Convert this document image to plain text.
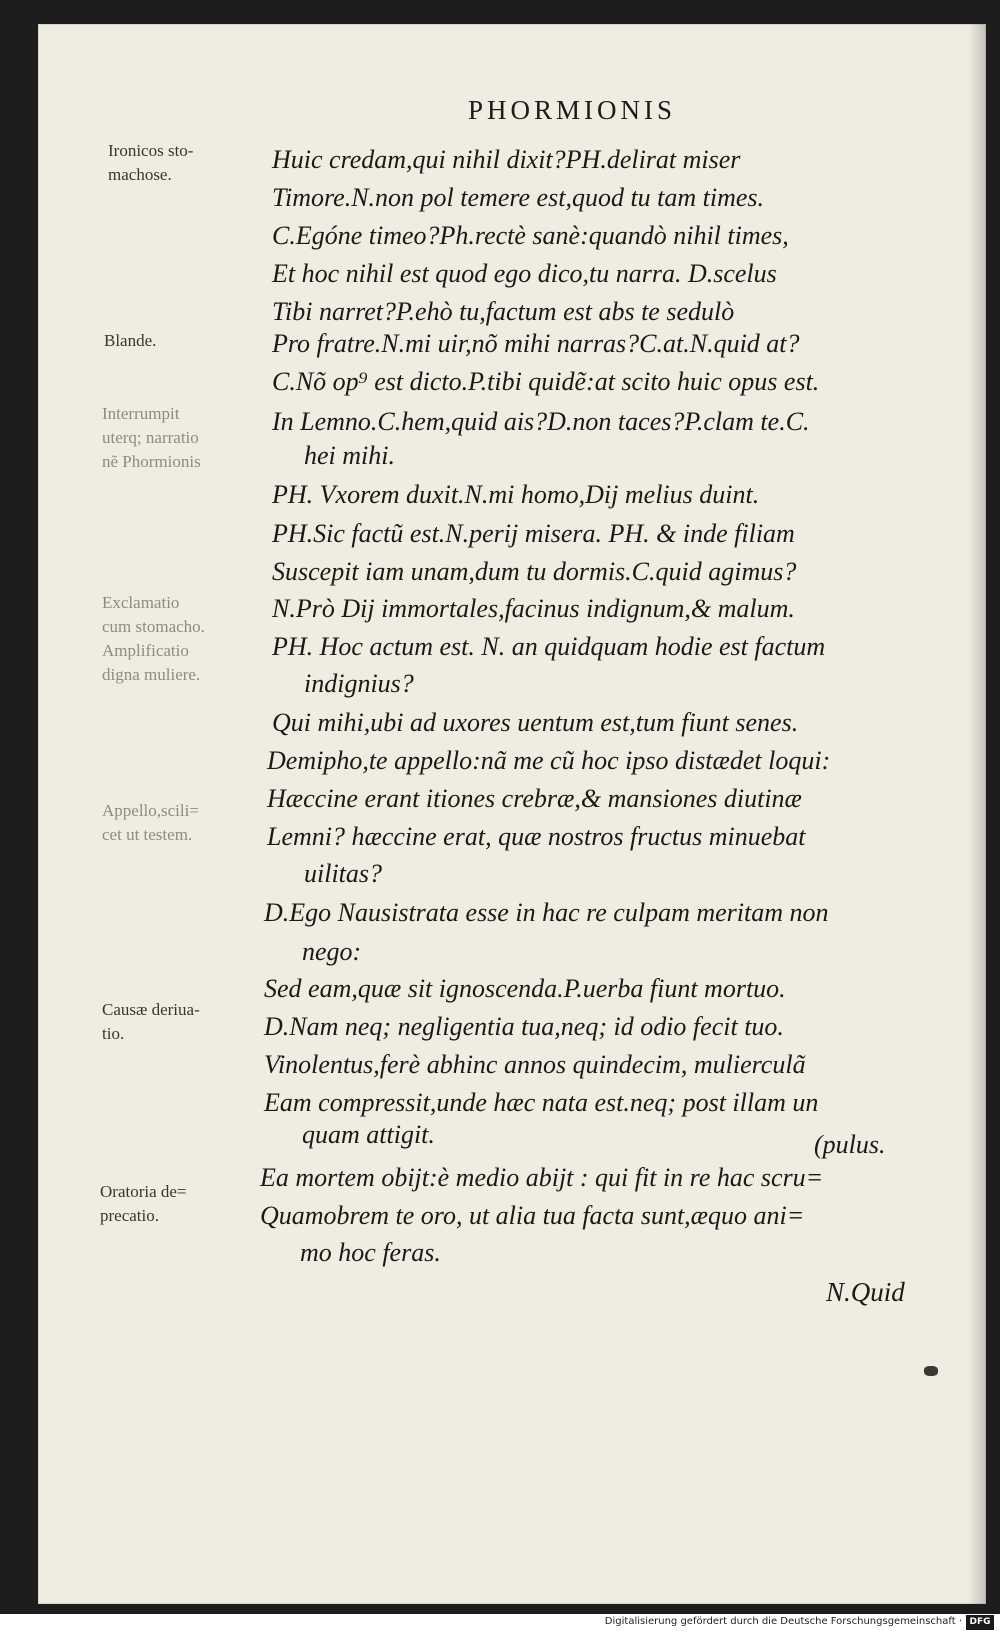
PHORMIONIS
Ironicos sto-
machose.
Blande.
Interrumpit
uterq; narratio
nẽ Phormionis
Exclamatio
cum stomacho.
Amplificatio
digna muliere.
Appello,scili=
cet ut testem.
Causæ deriua-
tio.
Oratoria de=
precatio.
Huic credam,qui nihil dixit?PH.delirat miser
Timore.N.non pol temere est,quod tu tam times.
C.Egóne timeo?Ph.rectè sanè:quandò nihil times,
Et hoc nihil est quod ego dico,tu narra. D.scelus
Tibi narret?P.ehò tu,factum est abs te sedulò
Pro fratre.N.mi uir,nõ mihi narras?C.at.N.quid at?
C.Nõ op⁹ est dicto.P.tibi quidẽ:at scito huic opus est.
In Lemno.C.hem,quid ais?D.non taces?P.clam te.C.
hei mihi.
PH. Vxorem duxit.N.mi homo,Dij melius duint.
PH.Sic factũ est.N.perij misera. PH. & inde filiam
Suscepit iam unam,dum tu dormis.C.quid agimus?
N.Prò Dij immortales,facinus indignum,& malum.
PH. Hoc actum est. N. an quidquam hodie est factum
indignius?
Qui mihi,ubi ad uxores uentum est,tum fiunt senes.
Demipho,te appello:nã me cũ hoc ipso distædet loqui:
Hæccine erant itiones crebræ,& mansiones diutinæ
Lemni? hæccine erat, quæ nostros fructus minuebat
uilitas?
D.Ego Nausistrata esse in hac re culpam meritam non
nego:
Sed eam,quæ sit ignoscenda.P.uerba fiunt mortuo.
D.Nam neq; negligentia tua,neq; id odio fecit tuo.
Vinolentus,ferè abhinc annos quindecim, mulierculã
Eam compressit,unde hæc nata est.neq; post illam un
quam attigit.	(pulus.
Ea mortem obijt:è medio abijt : qui fit in re hac scru=
Quamobrem te oro, ut alia tua facta sunt,æquo ani=
mo hoc feras.
N.Quid
Digitalisierung gefördert durch die Deutsche Forschungsgemeinschaft · DFG
